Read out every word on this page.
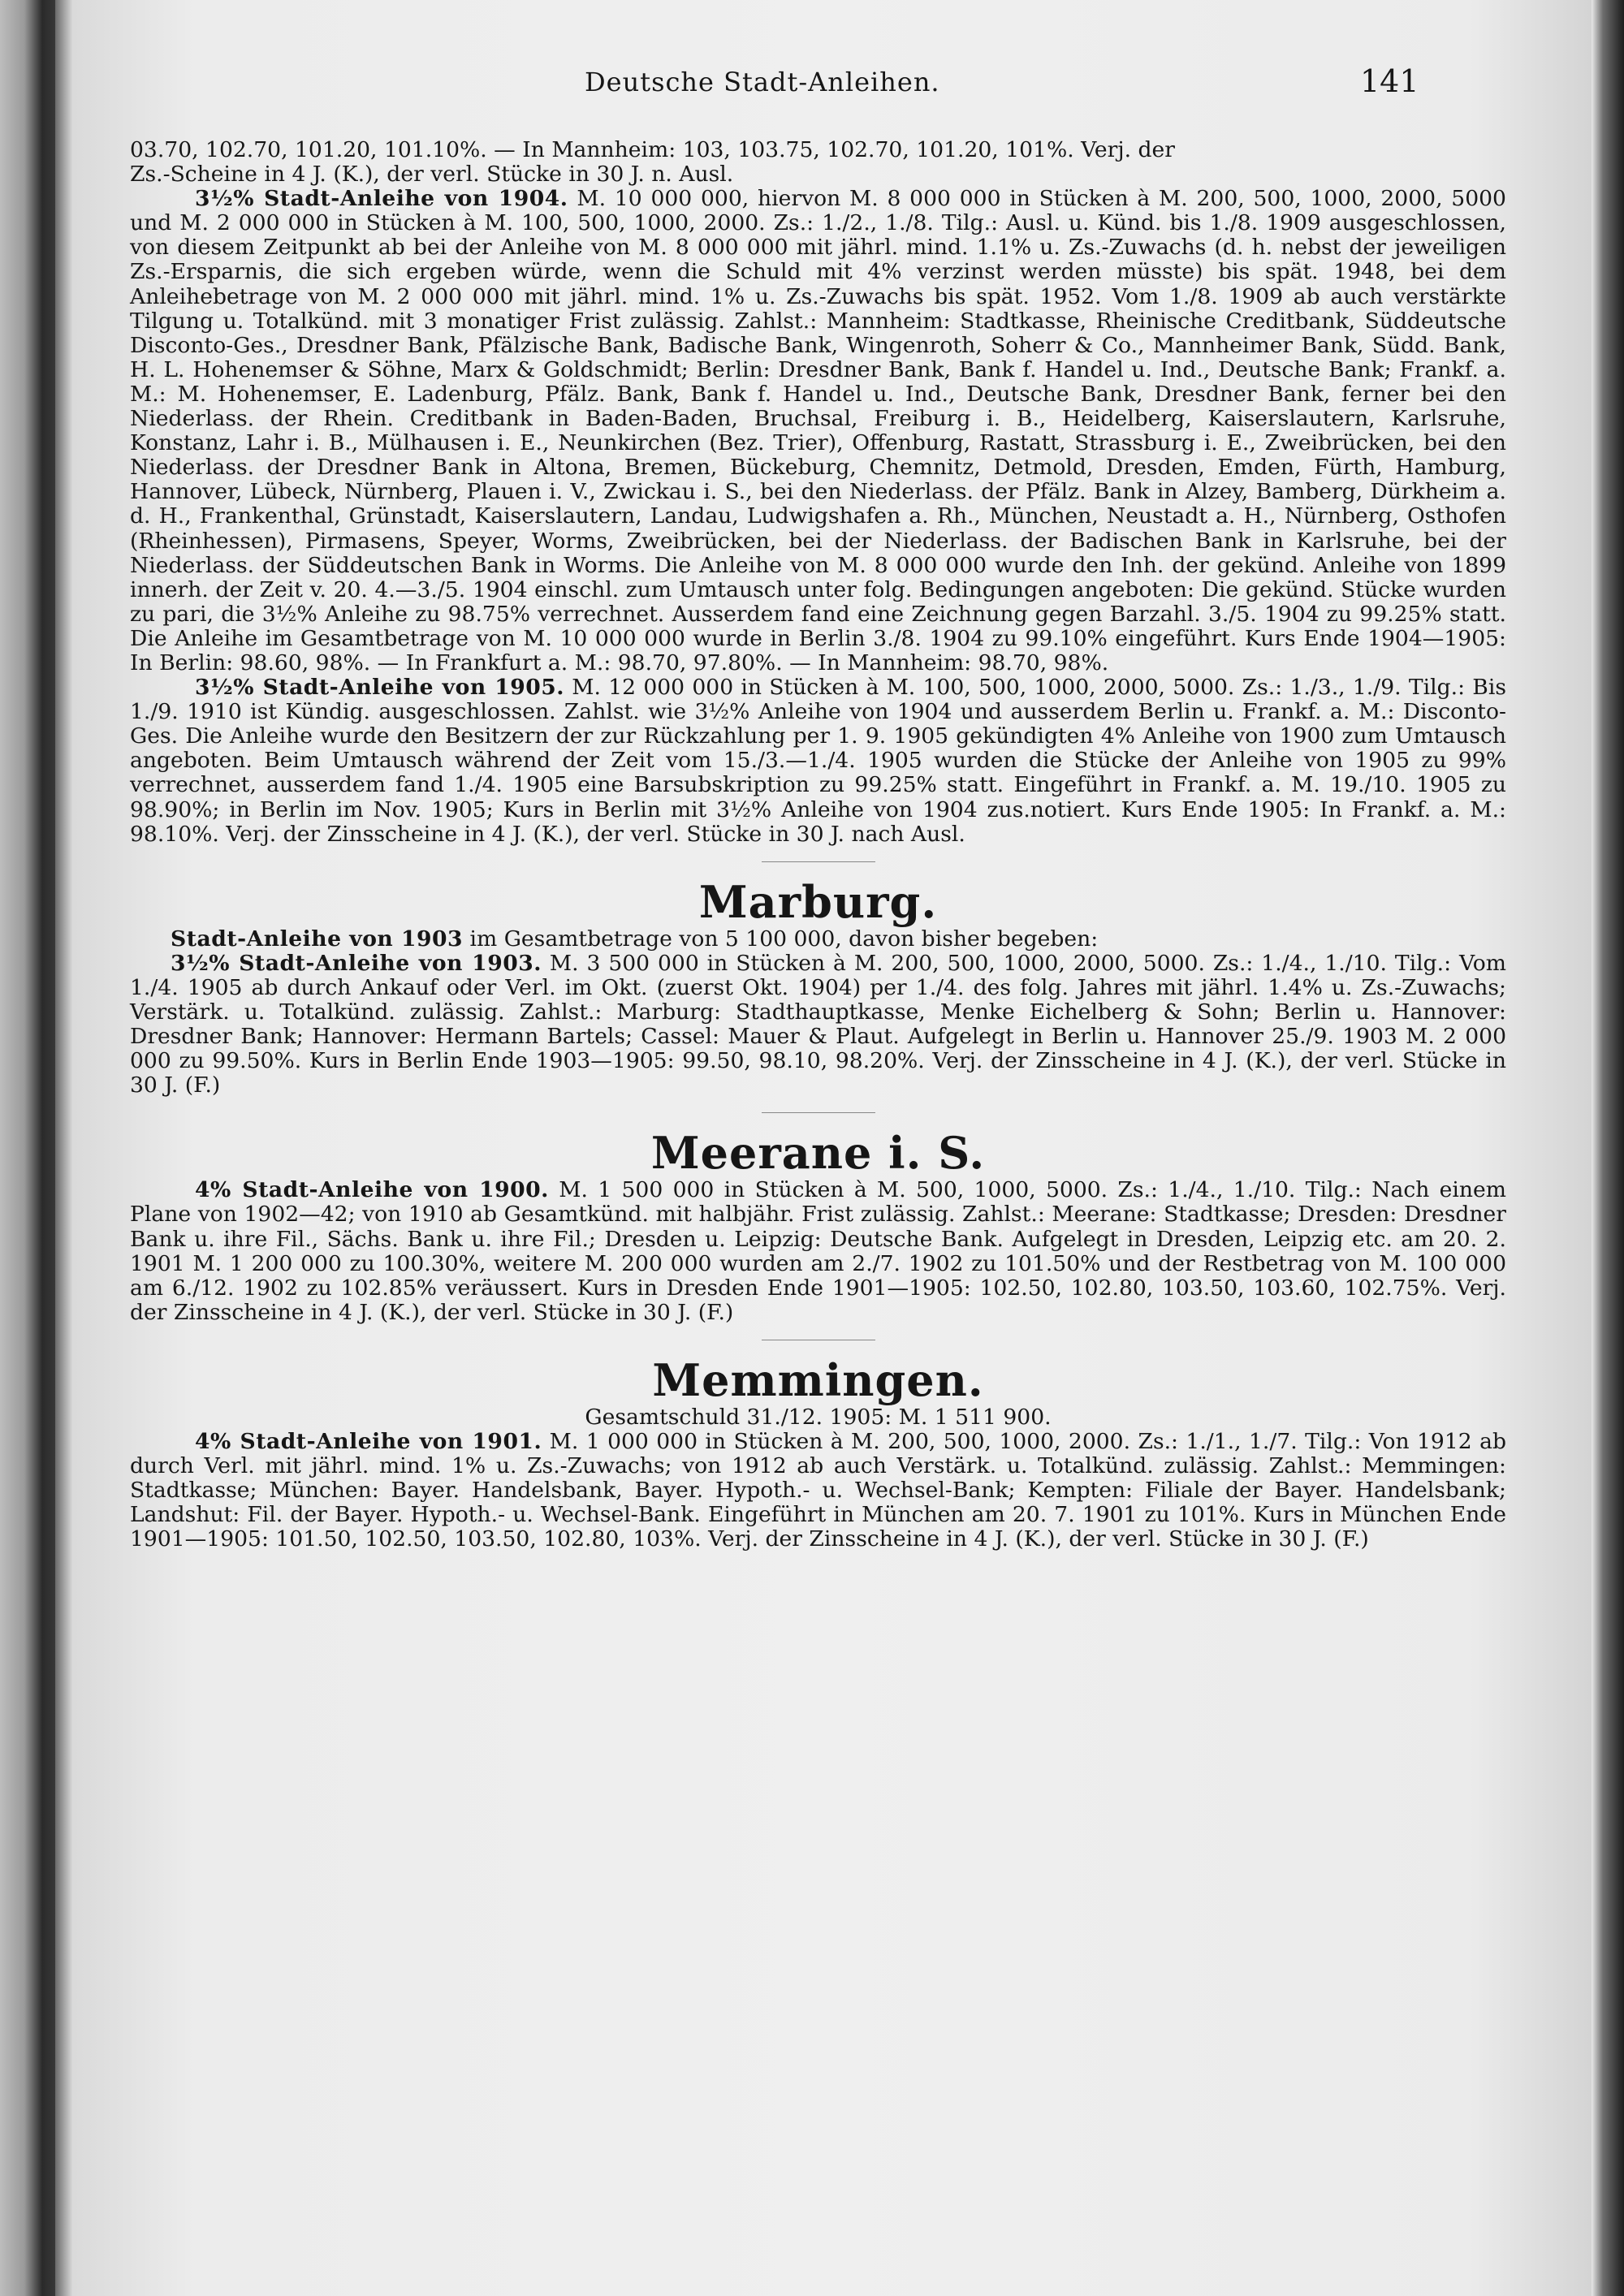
Deutsche Stadt-Anleihen.	141

03.70, 102.70, 101.20, 101.10%. — In Mannheim: 103, 103.75, 102.70, 101.20, 101%. Verj. der

Zs.-Scheine in 4 J. (K.), der verl. Stücke in 30 J. n. Ausl.

3½% Stadt-Anleihe von 1904. M. 10 000 000, hiervon M. 8 000 000 in Stücken à M. 200, 500, 1000, 2000, 5000 und M. 2 000 000 in Stücken à M. 100, 500, 1000, 2000. Zs.: 1./2., 1./8. Tilg.: Ausl. u. Künd. bis 1./8. 1909 ausgeschlossen, von diesem Zeitpunkt ab bei der Anleihe von M. 8 000 000 mit jährl. mind. 1.1% u. Zs.-Zuwachs (d. h. nebst der jeweiligen Zs.-Ersparnis, die sich ergeben würde, wenn die Schuld mit 4% verzinst werden müsste) bis spät. 1948, bei dem Anleihebetrage von M. 2 000 000 mit jährl. mind. 1% u. Zs.-Zuwachs bis spät. 1952. Vom 1./8. 1909 ab auch verstärkte Tilgung u. Totalkünd. mit 3 monatiger Frist zulässig. Zahlst.: Mannheim: Stadtkasse, Rheinische Creditbank, Süddeutsche Disconto-Ges., Dresdner Bank, Pfälzische Bank, Badische Bank, Wingenroth, Soherr & Co., Mannheimer Bank, Südd. Bank, H. L. Hohenemser & Söhne, Marx & Goldschmidt; Berlin: Dresdner Bank, Bank f. Handel u. Ind., Deutsche Bank; Frankf. a. M.: M. Hohenemser, E. Ladenburg, Pfälz. Bank, Bank f. Handel u. Ind., Deutsche Bank, Dresdner Bank, ferner bei den Niederlass. der Rhein. Creditbank in Baden-Baden, Bruchsal, Freiburg i. B., Heidelberg, Kaiserslautern, Karlsruhe, Konstanz, Lahr i. B., Mülhausen i. E., Neunkirchen (Bez. Trier), Offenburg, Rastatt, Strassburg i. E., Zweibrücken, bei den Niederlass. der Dresdner Bank in Altona, Bremen, Bückeburg, Chemnitz, Detmold, Dresden, Emden, Fürth, Hamburg, Hannover, Lübeck, Nürnberg, Plauen i. V., Zwickau i. S., bei den Niederlass. der Pfälz. Bank in Alzey, Bamberg, Dürkheim a. d. H., Frankenthal, Grünstadt, Kaiserslautern, Landau, Ludwigshafen a. Rh., München, Neustadt a. H., Nürnberg, Osthofen (Rheinhessen), Pirmasens, Speyer, Worms, Zweibrücken, bei der Niederlass. der Badischen Bank in Karlsruhe, bei der Niederlass. der Süddeutschen Bank in Worms. Die Anleihe von M. 8 000 000 wurde den Inh. der gekünd. Anleihe von 1899 innerh. der Zeit v. 20. 4.—3./5. 1904 einschl. zum Umtausch unter folg. Bedingungen angeboten: Die gekünd. Stücke wurden zu pari, die 3½% Anleihe zu 98.75% verrechnet. Ausserdem fand eine Zeichnung gegen Barzahl. 3./5. 1904 zu 99.25% statt. Die Anleihe im Gesamtbetrage von M. 10 000 000 wurde in Berlin 3./8. 1904 zu 99.10% eingeführt. Kurs Ende 1904—1905: In Berlin: 98.60, 98%. — In Frankfurt a. M.: 98.70, 97.80%. — In Mannheim: 98.70, 98%.

3½% Stadt-Anleihe von 1905. M. 12 000 000 in Stücken à M. 100, 500, 1000, 2000, 5000. Zs.: 1./3., 1./9. Tilg.: Bis 1./9. 1910 ist Kündig. ausgeschlossen. Zahlst. wie 3½% Anleihe von 1904 und ausserdem Berlin u. Frankf. a. M.: Disconto-Ges. Die Anleihe wurde den Besitzern der zur Rückzahlung per 1. 9. 1905 gekündigten 4% Anleihe von 1900 zum Umtausch angeboten. Beim Umtausch während der Zeit vom 15./3.—1./4. 1905 wurden die Stücke der Anleihe von 1905 zu 99% verrechnet, ausserdem fand 1./4. 1905 eine Barsubskription zu 99.25% statt. Eingeführt in Frankf. a. M. 19./10. 1905 zu 98.90%; in Berlin im Nov. 1905; Kurs in Berlin mit 3½% Anleihe von 1904 zus.notiert. Kurs Ende 1905: In Frankf. a. M.: 98.10%. Verj. der Zinsscheine in 4 J. (K.), der verl. Stücke in 30 J. nach Ausl.

Marburg.

Stadt-Anleihe von 1903 im Gesamtbetrage von 5 100 000, davon bisher begeben:

3½% Stadt-Anleihe von 1903. M. 3 500 000 in Stücken à M. 200, 500, 1000, 2000, 5000. Zs.: 1./4., 1./10. Tilg.: Vom 1./4. 1905 ab durch Ankauf oder Verl. im Okt. (zuerst Okt. 1904) per 1./4. des folg. Jahres mit jährl. 1.4% u. Zs.-Zuwachs; Verstärk. u. Totalkünd. zulässig. Zahlst.: Marburg: Stadthauptkasse, Menke Eichelberg & Sohn; Berlin u. Hannover: Dresdner Bank; Hannover: Hermann Bartels; Cassel: Mauer & Plaut. Aufgelegt in Berlin u. Hannover 25./9. 1903 M. 2 000 000 zu 99.50%. Kurs in Berlin Ende 1903—1905: 99.50, 98.10, 98.20%. Verj. der Zinsscheine in 4 J. (K.), der verl. Stücke in 30 J. (F.)

Meerane i. S.

4% Stadt-Anleihe von 1900. M. 1 500 000 in Stücken à M. 500, 1000, 5000. Zs.: 1./4., 1./10. Tilg.: Nach einem Plane von 1902—42; von 1910 ab Gesamtkünd. mit halbjähr. Frist zulässig. Zahlst.: Meerane: Stadtkasse; Dresden: Dresdner Bank u. ihre Fil., Sächs. Bank u. ihre Fil.; Dresden u. Leipzig: Deutsche Bank. Aufgelegt in Dresden, Leipzig etc. am 20. 2. 1901 M. 1 200 000 zu 100.30%, weitere M. 200 000 wurden am 2./7. 1902 zu 101.50% und der Restbetrag von M. 100 000 am 6./12. 1902 zu 102.85% veräussert. Kurs in Dresden Ende 1901—1905: 102.50, 102.80, 103.50, 103.60, 102.75%. Verj. der Zinsscheine in 4 J. (K.), der verl. Stücke in 30 J. (F.)

Memmingen.

Gesamtschuld 31./12. 1905: M. 1 511 900.

4% Stadt-Anleihe von 1901. M. 1 000 000 in Stücken à M. 200, 500, 1000, 2000. Zs.: 1./1., 1./7. Tilg.: Von 1912 ab durch Verl. mit jährl. mind. 1% u. Zs.-Zuwachs; von 1912 ab auch Verstärk. u. Totalkünd. zulässig. Zahlst.: Memmingen: Stadtkasse; München: Bayer. Handelsbank, Bayer. Hypoth.- u. Wechsel-Bank; Kempten: Filiale der Bayer. Handelsbank; Landshut: Fil. der Bayer. Hypoth.- u. Wechsel-Bank. Eingeführt in München am 20. 7. 1901 zu 101%. Kurs in München Ende 1901—1905: 101.50, 102.50, 103.50, 102.80, 103%. Verj. der Zinsscheine in 4 J. (K.), der verl. Stücke in 30 J. (F.)
